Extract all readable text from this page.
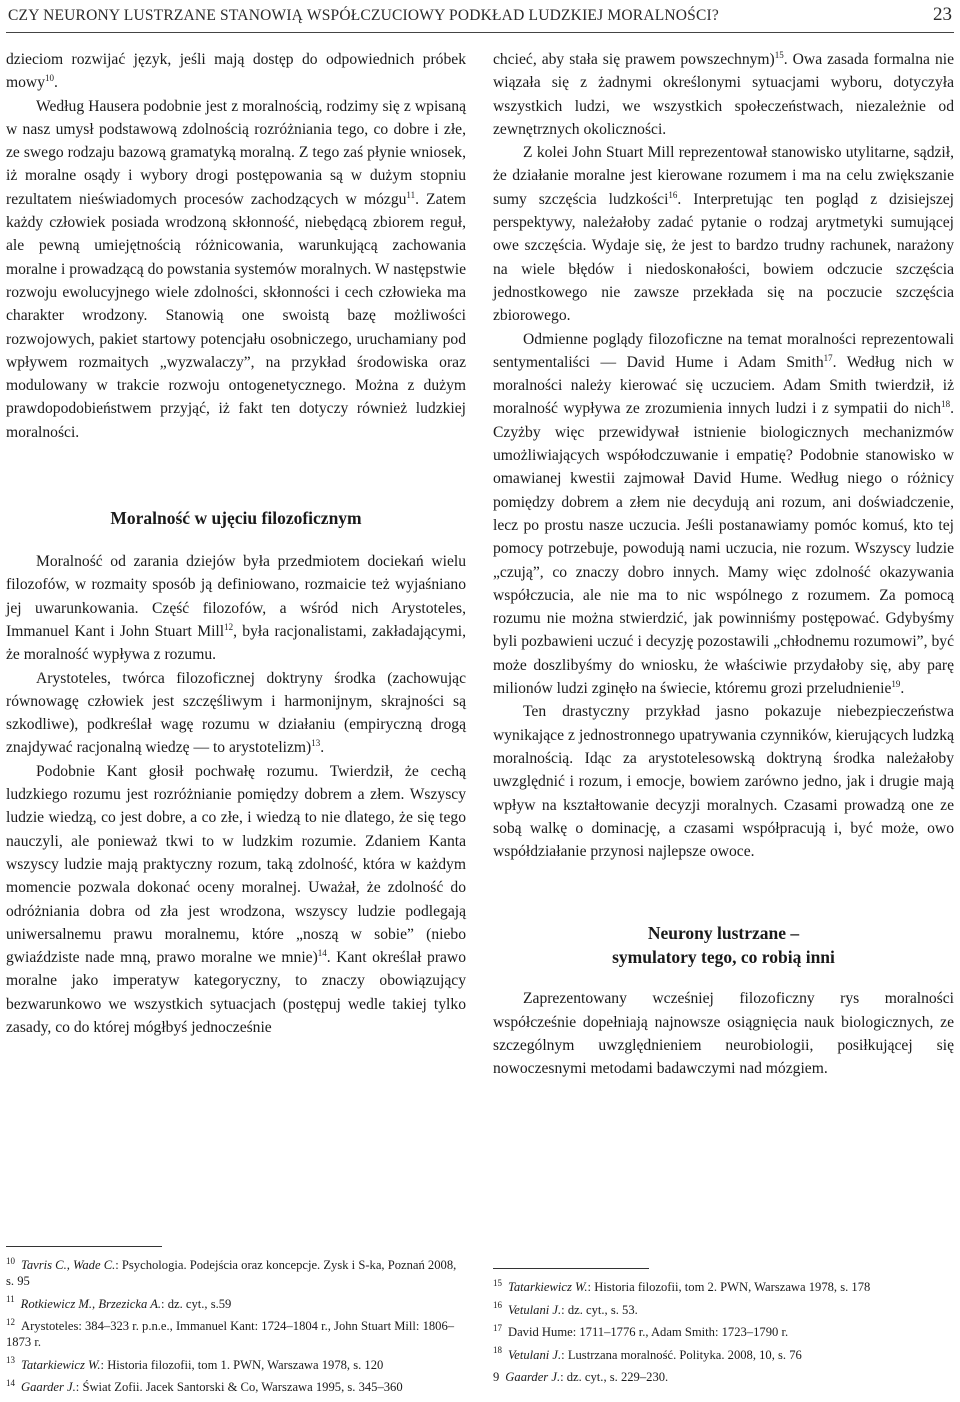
CZY NEURONY LUSTRZANE STANOWIĄ WSPÓŁCZUCIOWY PODKŁAD LUDZKIEJ MORALNOŚCI?	23

dzieciom rozwijać język, jeśli mają dostęp do odpowiednich próbek mowy$^{10}$.

Według Hausera podobnie jest z moralnością, rodzimy się z wpisaną w nasz umysł podstawową zdolnością rozróżniania tego, co dobre i złe, ze swego rodzaju bazową gramatyką moralną. Z tego zaś płynie wniosek, iż moralne osądy i wybory drogi postępowania są w dużym stopniu rezultatem nieświadomych procesów zachodzących w mózgu$^{11}$. Zatem każdy człowiek posiada wrodzoną skłonność, niebędącą zbiorem reguł, ale pewną umiejętnością różnicowania, warunkującą zachowania moralne i prowadzącą do powstania systemów moralnych. W następstwie rozwoju ewolucyjnego wiele zdolności, skłonności i cech człowieka ma charakter wrodzony. Stanowią one swoistą bazę możliwości rozwojowych, pakiet startowy potencjału osobniczego, uruchamiany pod wpływem rozmaitych „wyzwalaczy”, na przykład środowiska oraz modulowany w trakcie rozwoju ontogenetycznego. Można z dużym prawdopodobieństwem przyjąć, iż fakt ten dotyczy również ludzkiej moralności.

Moralność w ujęciu filozoficznym

Moralność od zarania dziejów była przedmiotem dociekań wielu filozofów, w rozmaity sposób ją definiowano, rozmaicie też wyjaśniano jej uwarunkowania. Część filozofów, a wśród nich Arystoteles, Immanuel Kant i John Stuart Mill$^{12}$, była racjonalistami, zakładającymi, że moralność wypływa z rozumu.

Arystoteles, twórca filozoficznej doktryny środka (zachowując równowagę człowiek jest szczęśliwym i harmonijnym, skrajności są szkodliwe), podkreślał wagę rozumu w działaniu (empiryczną drogą znajdywać racjonalną wiedzę — to arystotelizm)$^{13}$.

Podobnie Kant głosił pochwałę rozumu. Twierdził, że cechą ludzkiego rozumu jest rozróżnianie pomiędzy dobrem a złem. Wszyscy ludzie wiedzą, co jest dobre, a co złe, i wiedzą to nie dlatego, że się tego nauczyli, ale ponieważ tkwi to w ludzkim rozumie. Zdaniem Kanta wszyscy ludzie mają praktyczny rozum, taką zdolność, która w każdym momencie pozwala dokonać oceny moralnej. Uważał, że zdolność do odróżniania dobra od zła jest wrodzona, wszyscy ludzie podlegają uniwersalnemu prawu moralnemu, które „noszą w sobie” (niebo gwiaździste nade mną, prawo moralne we mnie)$^{14}$. Kant określał prawo moralne jako imperatyw kategoryczny, to znaczy obowiązujący bezwarunkowo we wszystkich sytuacjach (postępuj wedle takiej tylko zasady, co do której mógłbyś jednocześnie

chcieć, aby stała się prawem powszechnym)$^{15}$. Owa zasada formalna nie wiązała się z żadnymi określonymi sytuacjami wyboru, dotyczyła wszystkich ludzi, we wszystkich społeczeństwach, niezależnie od zewnętrznych okoliczności.

Z kolei John Stuart Mill reprezentował stanowisko utylitarne, sądził, że działanie moralne jest kierowane rozumem i ma na celu zwiększanie sumy szczęścia ludzkości$^{16}$. Interpretując ten pogląd z dzisiejszej perspektywy, należałoby zadać pytanie o rodzaj arytmetyki sumującej owe szczęścia. Wydaje się, że jest to bardzo trudny rachunek, narażony na wiele błędów i niedoskonałości, bowiem odczucie szczęścia jednostkowego nie zawsze przekłada się na poczucie szczęścia zbiorowego.

Odmienne poglądy filozoficzne na temat moralności reprezentowali sentymentaliści — David Hume i Adam Smith$^{17}$. Według nich w moralności należy kierować się uczuciem. Adam Smith twierdził, iż moralność wypływa ze zrozumienia innych ludzi i z sympatii do nich$^{18}$. Czyżby więc przewidywał istnienie biologicznych mechanizmów umożliwiających współodczuwanie i empatię? Podobnie stanowisko w omawianej kwestii zajmował David Hume. Według niego o różnicy pomiędzy dobrem a złem nie decydują ani rozum, ani doświadczenie, lecz po prostu nasze uczucia. Jeśli postanawiamy pomóc komuś, kto tej pomocy potrzebuje, powodują nami uczucia, nie rozum. Wszyscy ludzie „czują”, co znaczy dobro innych. Mamy więc zdolność okazywania współczucia, ale nie ma to nic wspólnego z rozumem. Za pomocą rozumu nie można stwierdzić, jak powinniśmy postępować. Gdybyśmy byli pozbawieni uczuć i decyzję pozostawili „chłodnemu rozumowi”, być może doszlibyśmy do wniosku, że właściwie przydałoby się, aby parę milionów ludzi zginęło na świecie, któremu grozi przeludnienie$^{19}$.

Ten drastyczny przykład jasno pokazuje niebezpieczeństwa wynikające z jednostronnego upatrywania czynników, kierujących ludzką moralnością. Idąc za arystotelesowską doktryną środka należałoby uwzględnić i rozum, i emocje, bowiem zarówno jedno, jak i drugie mają wpływ na kształtowanie decyzji moralnych. Czasami prowadzą one ze sobą walkę o dominację, a czasami współpracują i, być może, owo współdziałanie przynosi najlepsze owoce.

Neurony lustrzane –
symulatory tego, co robią inni

Zaprezentowany wcześniej filozoficzny rys moralności współcześnie dopełniają najnowsze osiągnięcia nauk biologicznych, ze szczególnym uwzględnieniem neurobiologii, posiłkującej się nowoczesnymi metodami badawczymi nad mózgiem.

$^{10}$ Tavris C., Wade C.: Psychologia. Podejścia oraz koncepcje. Zysk i S-ka, Poznań 2008, s. 95

$^{11}$ Rotkiewicz M., Brzezicka A.: dz. cyt., s.59

$^{12}$ Arystoteles: 384–323 r. p.n.e., Immanuel Kant: 1724–1804 r., John Stuart Mill: 1806–1873 r.

$^{13}$ Tatarkiewicz W.: Historia filozofii, tom 1. PWN, Warszawa 1978, s. 120

$^{14}$ Gaarder J.: Świat Zofii. Jacek Santorski & Co, Warszawa 1995, s. 345–360

$^{15}$ Tatarkiewicz W.: Historia filozofii, tom 2. PWN, Warszawa 1978, s. 178

$^{16}$ Vetulani J.: dz. cyt., s. 53.

$^{17}$ David Hume: 1711–1776 r., Adam Smith: 1723–1790 r.

$^{18}$ Vetulani J.: Lustrzana moralność. Polityka. 2008, 10, s. 76

9 Gaarder J.: dz. cyt., s. 229–230.
